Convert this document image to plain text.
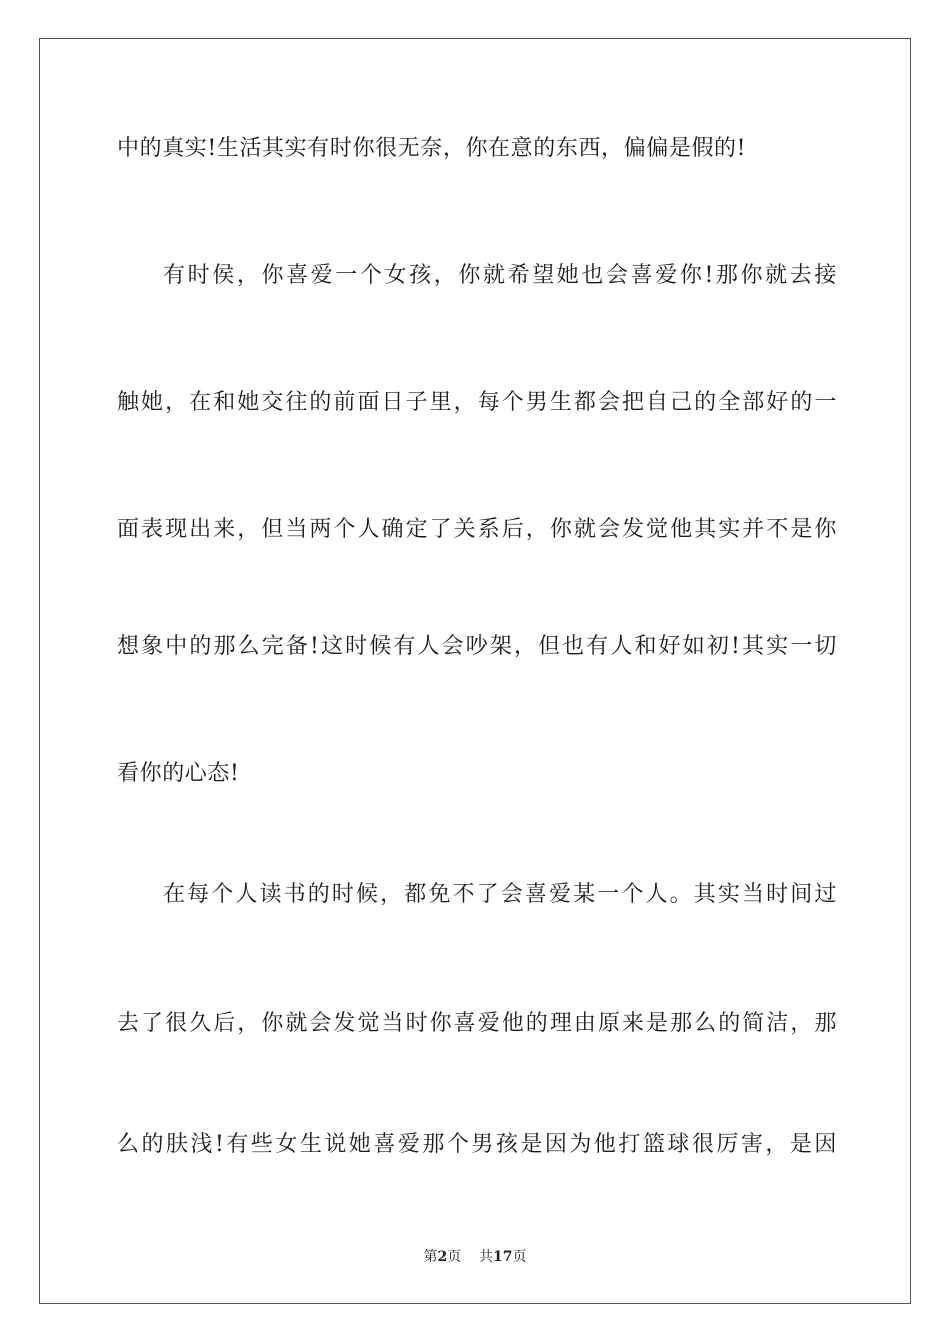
中的真实!生活其实有时你很无奈，你在意的东西，偏偏是假的!
有时侯，你喜爱一个女孩，你就希望她也会喜爱你!那你就去接
触她，在和她交往的前面日子里，每个男生都会把自己的全部好的一
面表现出来，但当两个人确定了关系后，你就会发觉他其实并不是你
想象中的那么完备!这时候有人会吵架，但也有人和好如初!其实一切
看你的心态!
在每个人读书的时候，都免不了会喜爱某一个人。其实当时间过
去了很久后，你就会发觉当时你喜爱他的理由原来是那么的简洁，那
么的肤浅!有些女生说她喜爱那个男孩是因为他打篮球很厉害，是因
第2页 共17页
